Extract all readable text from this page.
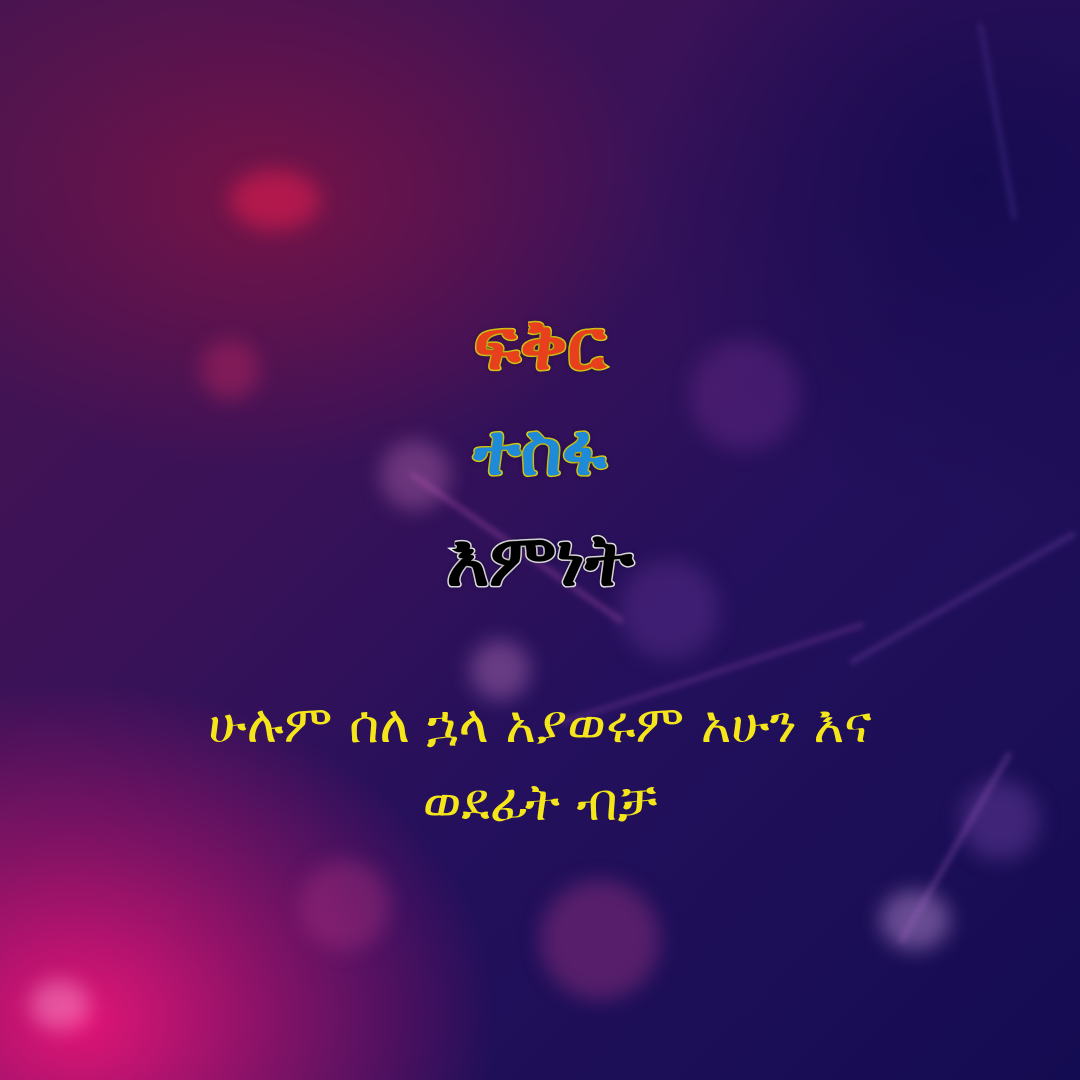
ፍቅር
ተስፋ
እምነት
ሁሉም ሰለ ኋላ አያወሩም አሁን እና
ወደፊት ብቻ
